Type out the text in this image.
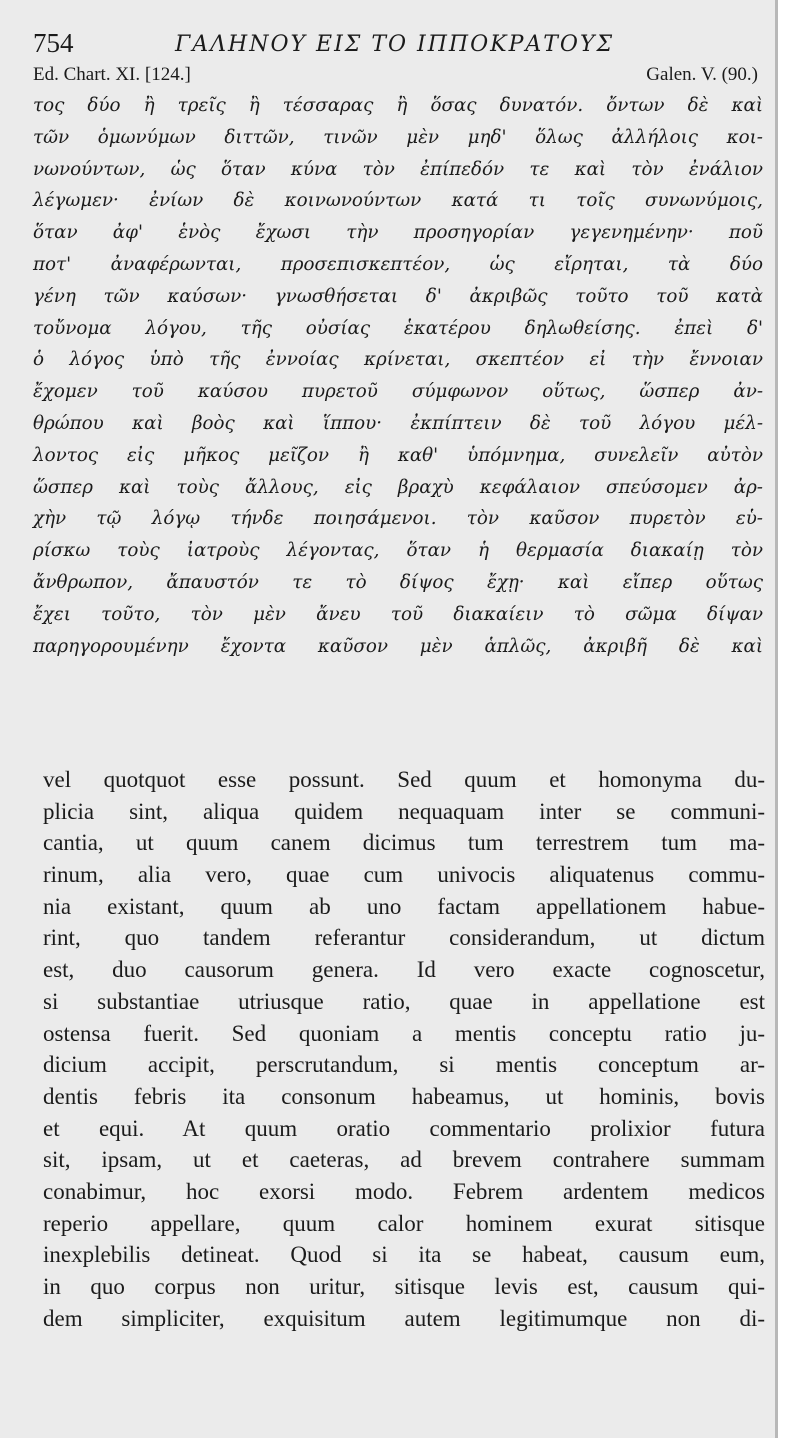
754	ΓΑΛΗΝΟΥ ΕΙΣ ΤΟ ΙΠΠΟΚΡΑΤΟΥΣ
Ed. Chart. XI. [124.]	Galen. V. (90.)
τος δύο ἢ τρεῖς ἢ τέσσαρας ἢ ὅσας δυνατόν. ὄντων δὲ καὶ
τῶν ὁμωνύμων διττῶν, τινῶν μὲν μηδ' ὅλως ἀλλήλοις κοι-
νωνούντων, ὡς ὅταν κύνα τὸν ἐπίπεδόν τε καὶ τὸν ἐνάλιον
λέγωμεν· ἐνίων δὲ κοινωνούντων κατά τι τοῖς συνωνύμοις,
ὅταν ἀφ' ἑνὸς ἔχωσι τὴν προσηγορίαν γεγενημένην· ποῦ
ποτ' ἀναφέρωνται, προσεπισκεπτέον, ὡς εἴρηται, τὰ δύο
γένη τῶν καύσων· γνωσθήσεται δ' ἀκριβῶς τοῦτο τοῦ κατὰ
τοὔνομα λόγου, τῆς οὐσίας ἑκατέρου δηλωθείσης. ἐπεὶ δ'
ὁ λόγος ὑπὸ τῆς ἐννοίας κρίνεται, σκεπτέον εἰ τὴν ἔννοιαν
ἔχομεν τοῦ καύσου πυρετοῦ σύμφωνον οὕτως, ὥσπερ ἀν-
θρώπου καὶ βοὸς καὶ ἵππου· ἐκπίπτειν δὲ τοῦ λόγου μέλ-
λοντος εἰς μῆκος μεῖζον ἢ καθ' ὑπόμνημα, συνελεῖν αὐτὸν
ὥσπερ καὶ τοὺς ἄλλους, εἰς βραχὺ κεφάλαιον σπεύσομεν ἀρ-
χὴν τῷ λόγῳ τήνδε ποιησάμενοι. τὸν καῦσον πυρετὸν εὑ-
ρίσκω τοὺς ἰατροὺς λέγοντας, ὅταν ἡ θερμασία διακαίῃ τὸν
ἄνθρωπον, ἄπαυστόν τε τὸ δίψος ἔχῃ· καὶ εἴπερ οὕτως
ἔχει τοῦτο, τὸν μὲν ἄνευ τοῦ διακαίειν τὸ σῶμα δίψαν
παρηγορουμένην ἔχοντα καῦσον μὲν ἁπλῶς, ἀκριβῆ δὲ καὶ
vel quotquot esse possunt. Sed quum et homonyma du-
plicia sint, aliqua quidem nequaquam inter se communi-
cantia, ut quum canem dicimus tum terrestrem tum ma-
rinum, alia vero, quae cum univocis aliquatenus commu-
nia existant, quum ab uno factam appellationem habue-
rint, quo tandem referantur considerandum, ut dictum
est, duo causorum genera. Id vero exacte cognoscetur,
si substantiae utriusque ratio, quae in appellatione est
ostensa fuerit. Sed quoniam a mentis conceptu ratio ju-
dicium accipit, perscrutandum, si mentis conceptum ar-
dentis febris ita consonum habeamus, ut hominis, bovis
et equi. At quum oratio commentario prolixior futura
sit, ipsam, ut et caeteras, ad brevem contrahere summam
conabimur, hoc exorsi modo. Febrem ardentem medicos
reperio appellare, quum calor hominem exurat sitisque
inexplebilis detineat. Quod si ita se habeat, causum eum,
in quo corpus non uritur, sitisque levis est, causum qui-
dem simpliciter, exquisitum autem legitimumque non di-
